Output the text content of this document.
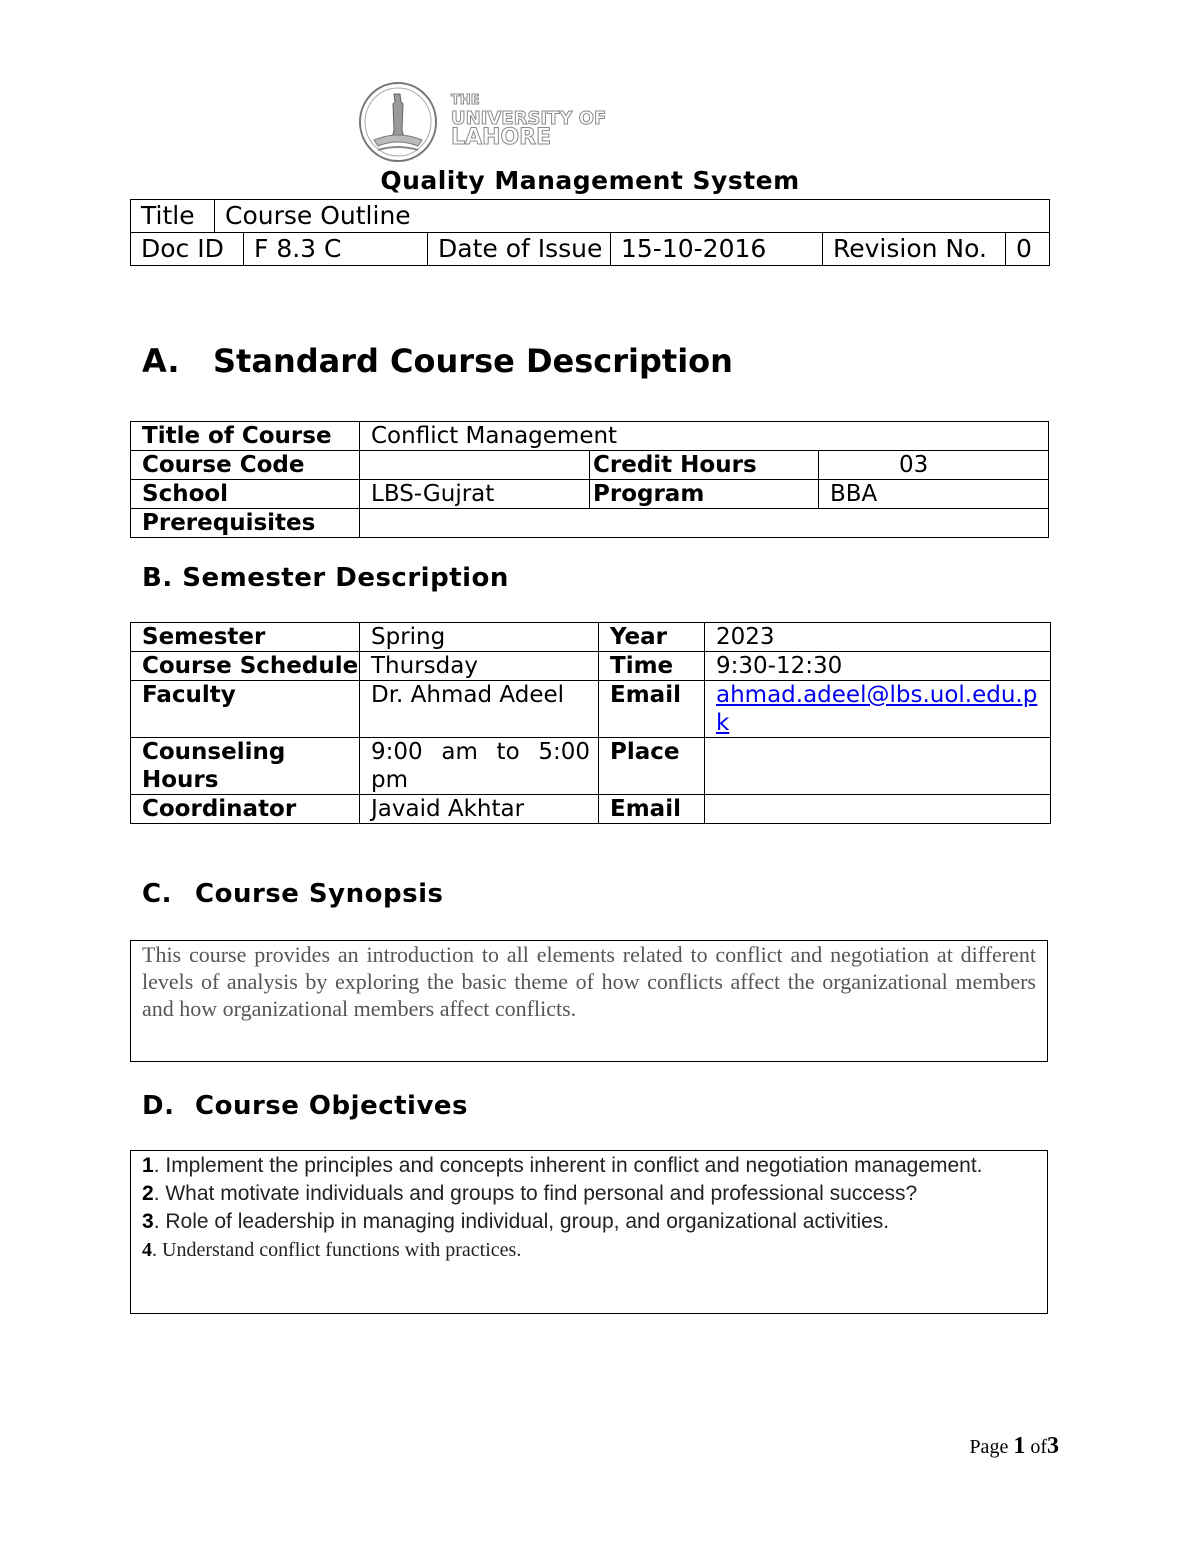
THE
UNIVERSITY OF
LAHORE
Quality Management System
Title	Course Outline					
Doc ID		F 8.3 C	Date of Issue	15-10-2016	Revision No.	0
A. Standard Course Description
Title of Course	Conflict Management		
Course Code		Credit Hours	03
School	LBS-Gujrat	Program	BBA
Prerequisites			
B. Semester Description
Semester	Spring	Year	2023
Course Schedule	Thursday	Time	9:30-12:30
Faculty	Dr. Ahmad Adeel	Email	ahmad.adeel@lbs.uol.edu.pk
Counseling Hours	9:00 am to 5:00 pm	Place	
Coordinator	Javaid Akhtar	Email	
C. Course Synopsis
This course provides an introduction to all elements related to conflict and negotiation at different levels of analysis by exploring the basic theme of how conflicts affect the organizational members and how organizational members affect conflicts.
D. Course Objectives
1. Implement the principles and concepts inherent in conflict and negotiation management.
2. What motivate individuals and groups to find personal and professional success?
3. Role of leadership in managing individual, group, and organizational activities.
4. Understand conflict functions with practices.
Page 1 of3
